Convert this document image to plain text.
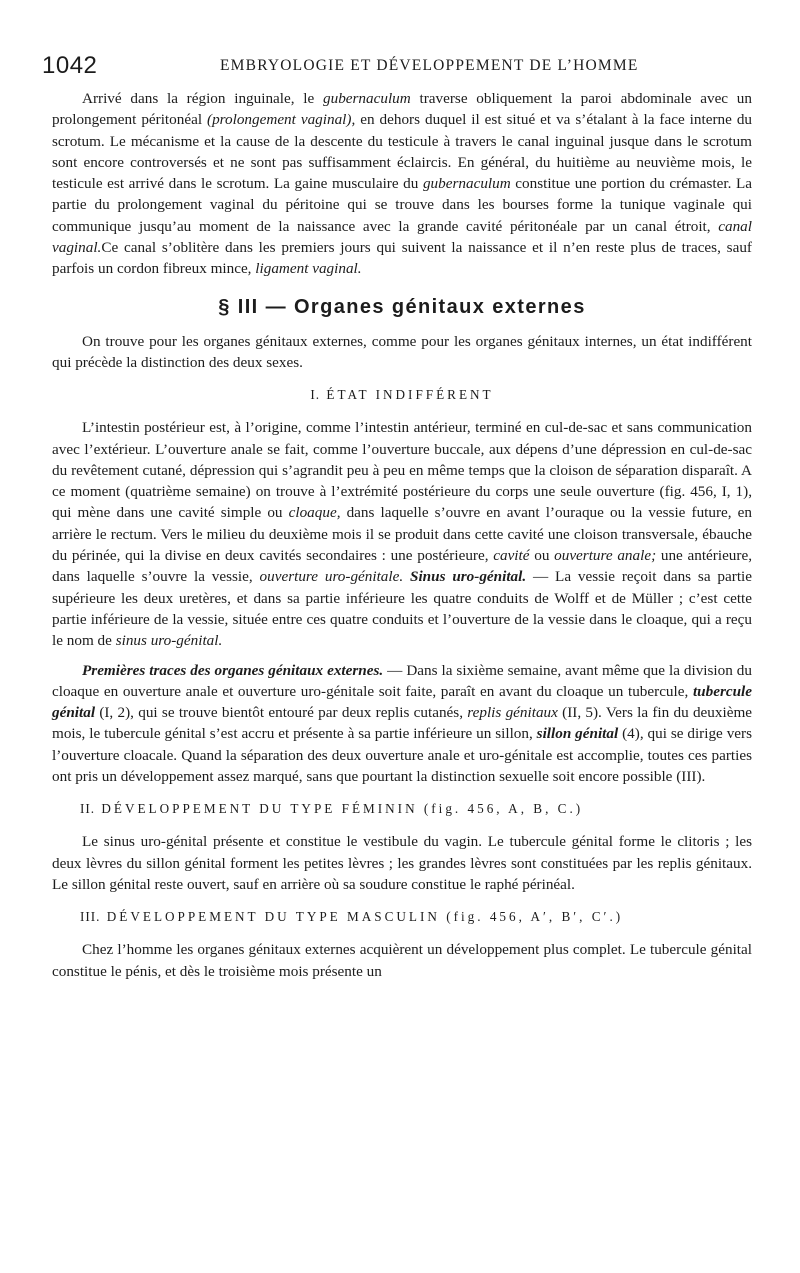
1042	EMBRYOLOGIE ET DÉVELOPPEMENT DE L’HOMME

Arrivé dans la région inguinale, le gubernaculum traverse obliquement la paroi abdominale avec un prolongement péritonéal (prolongement vaginal), en dehors duquel il est situé et va s’étalant à la face interne du scrotum. Le mécanisme et la cause de la descente du testicule à travers le canal inguinal jusque dans le scrotum sont encore controversés et ne sont pas suffisamment éclaircis. En général, du huitième au neuvième mois, le testicule est arrivé dans le scrotum. La gaine musculaire du gubernaculum constitue une portion du crémaster. La partie du prolongement vaginal du péritoine qui se trouve dans les bourses forme la tunique vaginale qui communique jusqu’au moment de la naissance avec la grande cavité péritonéale par un canal étroit, canal vaginal.Ce canal s’oblitère dans les premiers jours qui suivent la naissance et il n’en reste plus de traces, sauf parfois un cordon fibreux mince, ligament vaginal.

§ III — Organes génitaux externes

On trouve pour les organes génitaux externes, comme pour les organes génitaux internes, un état indifférent qui précède la distinction des deux sexes.

I. ÉTAT INDIFFÉRENT

L’intestin postérieur est, à l’origine, comme l’intestin antérieur, terminé en cul-de-sac et sans communication avec l’extérieur. L’ouverture anale se fait, comme l’ouverture buccale, aux dépens d’une dépression en cul-de-sac du revêtement cutané, dépression qui s’agrandit peu à peu en même temps que la cloison de séparation disparaît. A ce moment (quatrième semaine) on trouve à l’extrémité postérieure du corps une seule ouverture (fig. 456, I, 1), qui mène dans une cavité simple ou cloaque, dans laquelle s’ouvre en avant l’ouraque ou la vessie future, en arrière le rectum. Vers le milieu du deuxième mois il se produit dans cette cavité une cloison transversale, ébauche du périnée, qui la divise en deux cavités secondaires : une postérieure, cavité ou ouverture anale; une antérieure, dans laquelle s’ouvre la vessie, ouverture uro-génitale. Sinus uro-génital. — La vessie reçoit dans sa partie supérieure les deux uretères, et dans sa partie inférieure les quatre conduits de Wolff et de Müller ; c’est cette partie inférieure de la vessie, située entre ces quatre conduits et l’ouverture de la vessie dans le cloaque, qui a reçu le nom de sinus uro-génital.

Premières traces des organes génitaux externes. — Dans la sixième semaine, avant même que la division du cloaque en ouverture anale et ouverture uro-génitale soit faite, paraît en avant du cloaque un tubercule, tubercule génital (I, 2), qui se trouve bientôt entouré par deux replis cutanés, replis génitaux (II, 5). Vers la fin du deuxième mois, le tubercule génital s’est accru et présente à sa partie inférieure un sillon, sillon génital (4), qui se dirige vers l’ouverture cloacale. Quand la séparation des deux ouverture anale et uro-génitale est accomplie, toutes ces parties ont pris un développement assez marqué, sans que pourtant la distinction sexuelle soit encore possible (III).

II. DÉVELOPPEMENT DU TYPE FÉMININ (fig. 456, A, B, C.)

Le sinus uro-génital présente et constitue le vestibule du vagin. Le tubercule génital forme le clitoris ; les deux lèvres du sillon génital forment les petites lèvres ; les grandes lèvres sont constituées par les replis génitaux. Le sillon génital reste ouvert, sauf en arrière où sa soudure constitue le raphé périnéal.

III. DÉVELOPPEMENT DU TYPE MASCULIN (fig. 456, A′, B′, C′.)

Chez l’homme les organes génitaux externes acquièrent un développement plus complet. Le tubercule génital constitue le pénis, et dès le troisième mois présente un
